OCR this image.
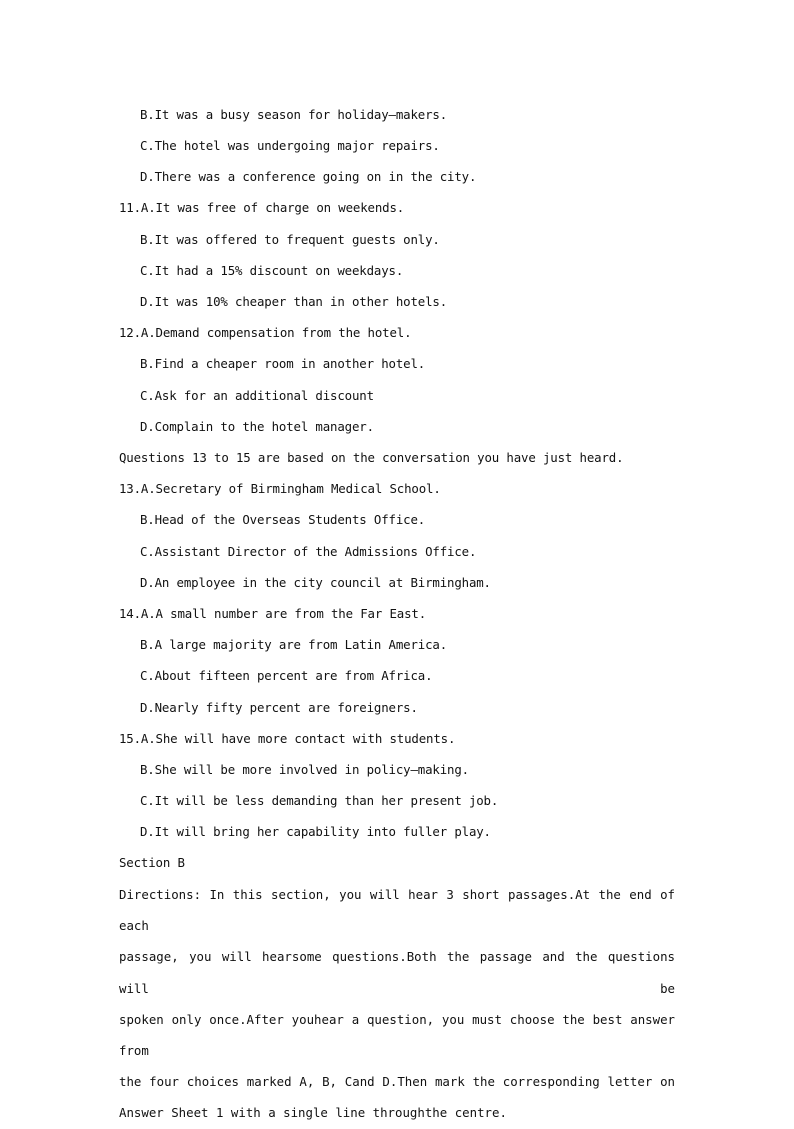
B.It was a busy season for holiday—makers.
C.The hotel was undergoing major repairs.
D.There was a conference going on in the city.
11.A.It was free of charge on weekends.
B.It was offered to frequent guests only.
C.It had a 15% discount on weekdays.
D.It was 10% cheaper than in other hotels.
12.A.Demand compensation from the hotel.
B.Find a cheaper room in another hotel.
C.Ask for an additional discount
D.Complain to the hotel manager.
Questions 13 to 15 are based on the conversation you have just heard.
13.A.Secretary of Birmingham Medical School.
B.Head of the Overseas Students Office.
C.Assistant Director of the Admissions Office.
D.An employee in the city council at Birmingham.
14.A.A small number are from the Far East.
B.A large majority are from Latin America.
C.About fifteen percent are from Africa.
D.Nearly fifty percent are foreigners.
15.A.She will have more contact with students.
B.She will be more involved in policy—making.
C.It will be less demanding than her present job.
D.It will bring her capability into fuller play.
Section B
Directions: In this section, you will hear 3 short passages.At the end of each
passage, you will hearsome questions.Both the passage and the questions will be
spoken only once.After youhear a question, you must choose the best answer from
the four choices marked A, B, Cand D.Then mark the corresponding letter on
Answer Sheet 1 with a single line throughthe centre.
